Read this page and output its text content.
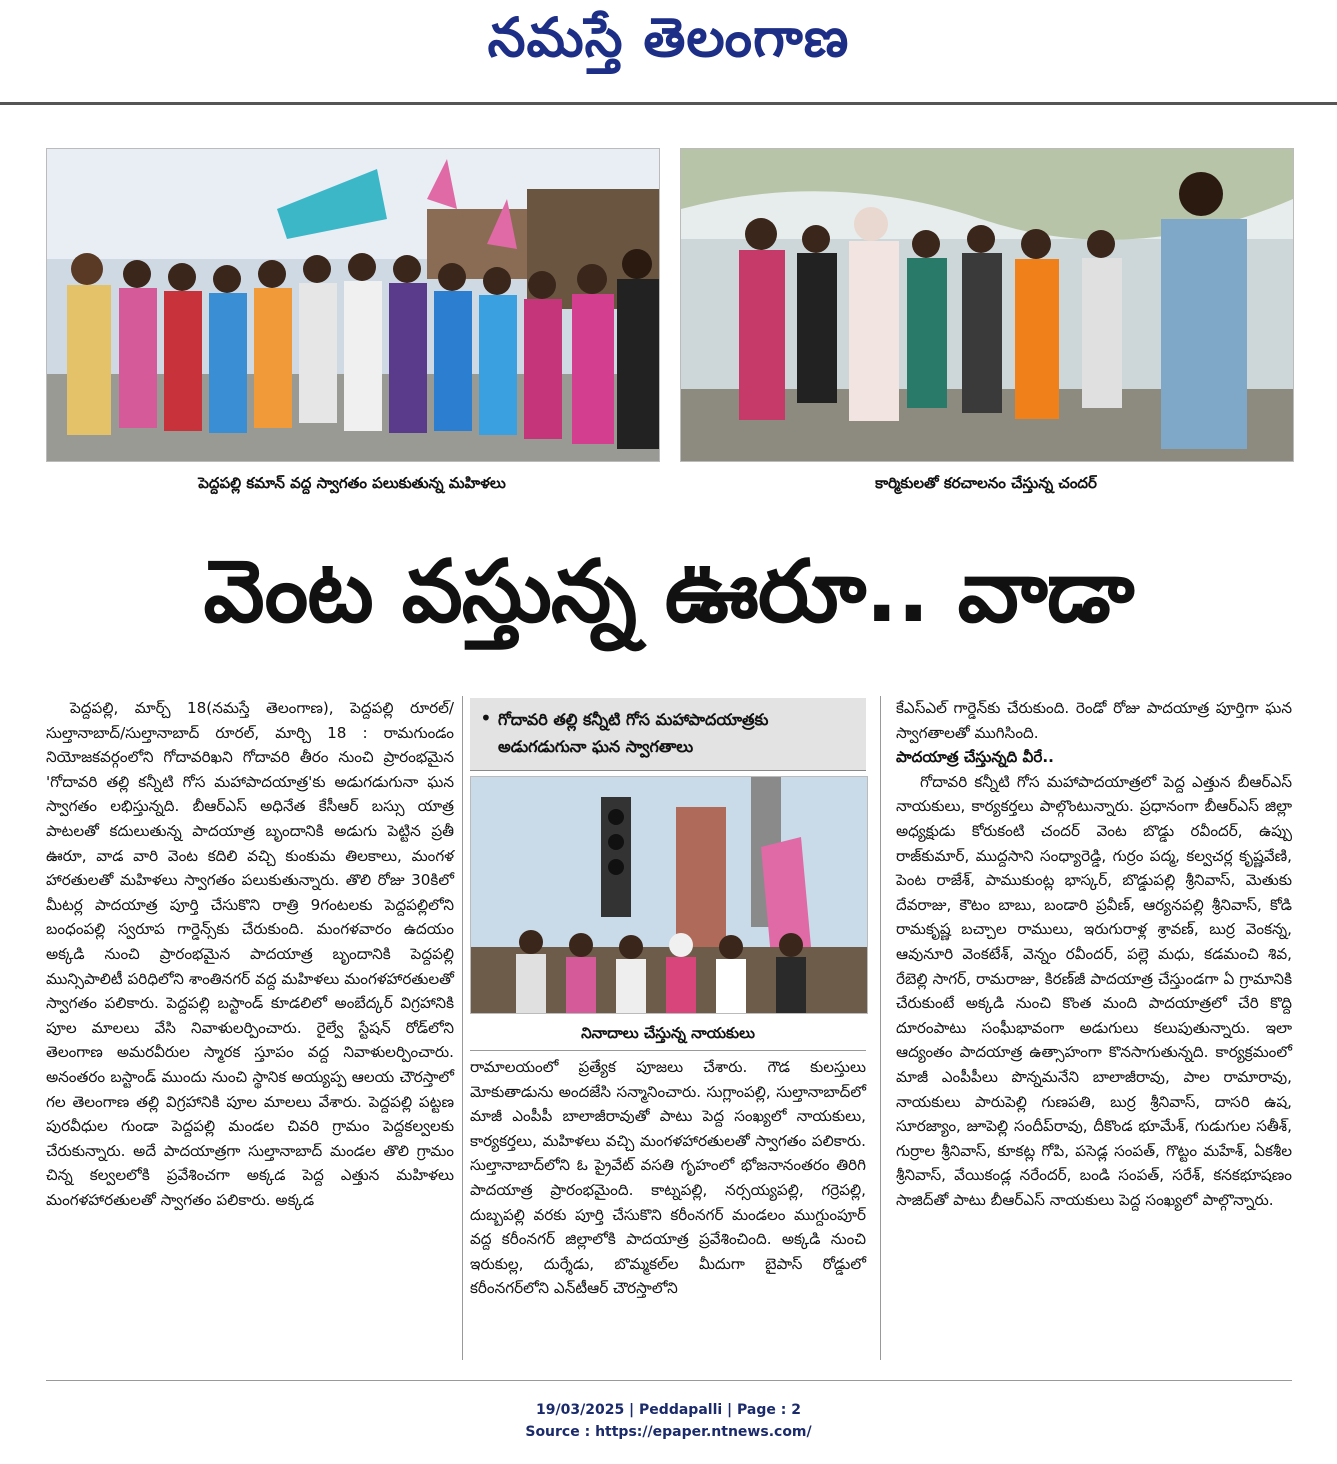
నమస్తే తెలంగాణ
పెద్దపల్లి కమాన్ వద్ద స్వాగతం పలుకుతున్న మహిళలు	కార్మికులతో కరచాలనం చేస్తున్న చందర్
వెంట వస్తున్న ఊరూ.. వాడా

పెద్దపల్లి, మార్చ్ 18(నమస్తే తెలంగాణ), పెద్దపల్లి రూరల్/సుల్తానాబాద్/సుల్తానాబాద్ రూరల్, మార్చి 18 : రామగుండం నియోజకవర్గంలోని గోదావరిఖని గోదావరి తీరం నుంచి ప్రారంభమైన 'గోదావరి తల్లి కన్నీటి గోస మహాపాదయాత్ర'కు అడుగడుగునా ఘన స్వాగతం లభిస్తున్నది. బీఆర్ఎస్ అధినేత కేసీఆర్ బస్సు యాత్ర పాటలతో కదులుతున్న పాదయాత్ర బృందానికి అడుగు పెట్టిన ప్రతీ ఊరూ, వాడ వారి వెంట కదిలి వచ్చి కుంకుమ తిలకాలు, మంగళ హారతులతో మహిళలు స్వాగతం పలుకుతున్నారు. తొలి రోజు 30కిలో మీటర్ల పాదయాత్ర పూర్తి చేసుకొని రాత్రి 9గంటలకు పెద్దపల్లిలోని బంధంపల్లి స్వరూప గార్డెన్స్‌కు చేరుకుంది. మంగళవారం ఉదయం అక్కడి నుంచి ప్రారంభమైన పాదయాత్ర బృందానికి పెద్దపల్లి మున్సిపాలిటీ పరిధిలోని శాంతినగర్ వద్ద మహిళలు మంగళహారతులతో స్వాగతం పలికారు. పెద్దపల్లి బస్టాండ్ కూడలిలో అంబేద్కర్ విగ్రహానికి పూల మాలలు వేసి నివాళులర్పించారు. రైల్వే స్టేషన్ రోడ్‌లోని తెలంగాణ అమరవీరుల స్మారక స్తూపం వద్ద నివాళులర్పించారు. అనంతరం బస్టాండ్ ముందు నుంచి స్థానిక అయ్యప్ప ఆలయ చౌరస్తాలో గల తెలంగాణ తల్లి విగ్రహానికి పూల మాలలు వేశారు. పెద్దపల్లి పట్టణ పురవీధుల గుండా పెద్దపల్లి మండల చివరి గ్రామం పెద్దకల్వలకు చేరుకున్నారు. అదే పాదయాత్రగా సుల్తానాబాద్ మండల తొలి గ్రామం చిన్న కల్వలలోకి ప్రవేశించగా అక్కడ పెద్ద ఎత్తున మహిళలు మంగళహారతులతో స్వాగతం పలికారు. అక్కడ

• గోదావరి తల్లి కన్నీటి గోస మహాపాదయాత్రకు అడుగడుగునా ఘన స్వాగతాలు
నినాదాలు చేస్తున్న నాయకులు

రామాలయంలో ప్రత్యేక పూజలు చేశారు. గౌడ కులస్తులు మోకుతాడును అందజేసి సన్మానించారు. సుగ్లాంపల్లి, సుల్తానాబాద్‌లో మాజీ ఎంపీపీ బాలాజీరావుతో పాటు పెద్ద సంఖ్యలో నాయకులు, కార్యకర్తలు, మహిళలు వచ్చి మంగళహారతులతో స్వాగతం పలికారు. సుల్తానాబాద్‌లోని ఓ ప్రైవేట్ వసతి గృహంలో భోజనానంతరం తిరిగి పాదయాత్ర ప్రారంభమైంది. కాట్నపల్లి, నర్సయ్యపల్లి, గర్రెపల్లి, దుబ్బపల్లి వరకు పూర్తి చేసుకొని కరీంనగర్ మండలం ముగ్దుంపూర్ వద్ద కరీంనగర్ జిల్లాలోకి పాదయాత్ర ప్రవేశించింది. అక్కడి నుంచి ఇరుకుల్ల, దుర్శేడు, బొమ్మకల్‌ల మీదుగా బైపాస్ రోడ్డులో కరీంనగర్‌లోని ఎన్‌టీఆర్ చౌరస్తాలోని

కేఎస్ఎల్ గార్డెన్‌కు చేరుకుంది. రెండో రోజు పాదయాత్ర పూర్తిగా ఘన స్వాగతాలతో ముగిసింది.

పాదయాత్ర చేస్తున్నది వీరే..

గోదావరి కన్నీటి గోస మహాపాదయాత్రలో పెద్ద ఎత్తున బీఆర్ఎస్ నాయకులు, కార్యకర్తలు పాల్గొంటున్నారు. ప్రధానంగా బీఆర్ఎస్ జిల్లా అధ్యక్షుడు కోరుకంటి చందర్ వెంట బొడ్డు రవీందర్, ఉప్పు రాజ్‌కుమార్, ముద్దసాని సంధ్యారెడ్డి, గుర్రం పద్మ, కల్వచర్ల కృష్ణవేణి, పెంట రాజేశ్, పాముకుంట్ల భాస్కర్, బొడ్డుపల్లి శ్రీనివాస్, మెతుకు దేవరాజు, కౌటం బాబు, బండారి ప్రవీణ్, ఆర్యనపల్లి శ్రీనివాస్, కోడి రామకృష్ణ బచ్చాల రాములు, ఇరుగురాళ్ల శ్రావణ్, బుర్ర వెంకన్న, ఆవునూరి వెంకటేశ్, వెన్నం రవీందర్, పల్లె మధు, కడమంచి శివ, రేబెల్లి సాగర్, రామరాజు, కిరణ్‌జీ పాదయాత్ర చేస్తుండగా ఏ గ్రామానికి చేరుకుంటే అక్కడి నుంచి కొంత మంది పాదయాత్రలో చేరి కొద్ది దూరంపాటు సంఘీభావంగా అడుగులు కలుపుతున్నారు. ఇలా ఆద్యంతం పాదయాత్ర ఉత్సాహంగా కొనసాగుతున్నది. కార్యక్రమంలో మాజీ ఎంపీపీలు పొన్నమనేని బాలాజీరావు, పాల రామారావు, నాయకులు పారుపెల్లి గుణపతి, బుర్ర శ్రీనివాస్, దాసరి ఉష, సూరజ్యాం, జూపెల్లి సందీప్‌రావు, దీకొండ భూమేశ్, గుడుగుల సతీశ్, గుర్రాల శ్రీనివాస్, కూకట్ల గోపి, పసెడ్ల సంపత్, గొట్టం మహేశ్, ఏకశీల శ్రీనివాస్, వేయికండ్ల నరేందర్, బండి సంపత్, సరేశ్, కనకభూషణం సాజిద్‌తో పాటు బీఆర్ఎస్ నాయకులు పెద్ద సంఖ్యలో పాల్గొన్నారు.

19/03/2025 | Peddapalli | Page : 2
Source : https://epaper.ntnews.com/
